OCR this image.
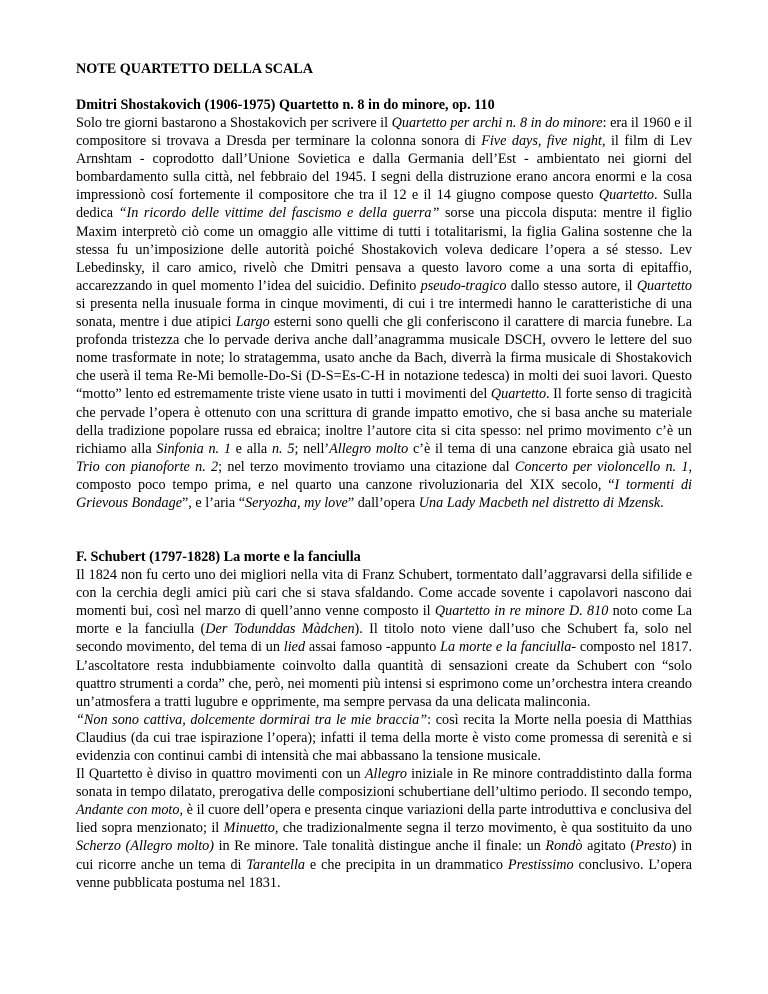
NOTE QUARTETTO DELLA SCALA

Dmitri Shostakovich (1906-1975) Quartetto n. 8 in do minore, op. 110

Solo tre giorni bastarono a Shostakovich per scrivere il Quartetto per archi n. 8 in do minore: era il 1960 e il compositore si trovava a Dresda per terminare la colonna sonora di Five days, five night, il film di Lev Arnshtam - coprodotto dall’Unione Sovietica e dalla Germania dell’Est - ambientato nei giorni del bombardamento sulla città, nel febbraio del 1945. I segni della distruzione erano ancora enormi e la cosa impressionò cosí fortemente il compositore che tra il 12 e il 14 giugno compose questo Quartetto. Sulla dedica “In ricordo delle vittime del fascismo e della guerra” sorse una piccola disputa: mentre il figlio Maxim interpretò ciò come un omaggio alle vittime di tutti i totalitarismi, la figlia Galina sostenne che la stessa fu un’imposizione delle autorità poiché Shostakovich voleva dedicare l’opera a sé stesso. Lev Lebedinsky, il caro amico, rivelò che Dmitri pensava a questo lavoro come a una sorta di epitaffio, accarezzando in quel momento l’idea del suicidio. Definito pseudo-tragico dallo stesso autore, il Quartetto si presenta nella inusuale forma in cinque movimenti, di cui i tre intermedi hanno le caratteristiche di una sonata, mentre i due atipici Largo esterni sono quelli che gli conferiscono il carattere di marcia funebre. La profonda tristezza che lo pervade deriva anche dall’anagramma musicale DSCH, ovvero le lettere del suo nome trasformate in note; lo stratagemma, usato anche da Bach, diverrà la firma musicale di Shostakovich che userà il tema Re-Mi bemolle-Do-Si (D-S=Es-C-H in notazione tedesca) in molti dei suoi lavori. Questo “motto” lento ed estremamente triste viene usato in tutti i movimenti del Quartetto. Il forte senso di tragicità che pervade l’opera è ottenuto con una scrittura di grande impatto emotivo, che si basa anche su materiale della tradizione popolare russa ed ebraica; inoltre l’autore cita si cita spesso: nel primo movimento c’è un richiamo alla Sinfonia n. 1 e alla n. 5; nell’Allegro molto c’è il tema di una canzone ebraica già usato nel Trio con pianoforte n. 2; nel terzo movimento troviamo una citazione dal Concerto per violoncello n. 1, composto poco tempo prima, e nel quarto una canzone rivoluzionaria del XIX secolo, “I tormenti di Grievous Bondage”, e l’aria “Seryozha, my love” dall’opera Una Lady Macbeth nel distretto di Mzensk.

F. Schubert (1797-1828) La morte e la fanciulla

Il 1824 non fu certo uno dei migliori nella vita di Franz Schubert, tormentato dall’aggravarsi della sifilide e con la cerchia degli amici più cari che si stava sfaldando. Come accade sovente i capolavori nascono dai momenti bui, così nel marzo di quell’anno venne composto il Quartetto in re minore D. 810 noto come La morte e la fanciulla (Der Todunddas Màdchen). Il titolo noto viene dall’uso che Schubert fa, solo nel secondo movimento, del tema di un lied assai famoso -appunto La morte e la fanciulla- composto nel 1817. L’ascoltatore resta indubbiamente coinvolto dalla quantità di sensazioni create da Schubert con “solo quattro strumenti a corda” che, però, nei momenti più intensi si esprimono come un’orchestra intera creando un’atmosfera a tratti lugubre e opprimente, ma sempre pervasa da una delicata malinconia.

“Non sono cattiva, dolcemente dormirai tra le mie braccia”: così recita la Morte nella poesia di Matthias Claudius (da cui trae ispirazione l’opera); infatti il tema della morte è visto come promessa di serenità e si evidenzia con continui cambi di intensità che mai abbassano la tensione musicale.

Il Quartetto è diviso in quattro movimenti con un Allegro iniziale in Re minore contraddistinto dalla forma sonata in tempo dilatato, prerogativa delle composizioni schubertiane dell’ultimo periodo. Il secondo tempo, Andante con moto, è il cuore dell’opera e presenta cinque variazioni della parte introduttiva e conclusiva del lied sopra menzionato; il Minuetto, che tradizionalmente segna il terzo movimento, è qua sostituito da uno Scherzo (Allegro molto) in Re minore. Tale tonalità distingue anche il finale: un Rondò agitato (Presto) in cui ricorre anche un tema di Tarantella e che precipita in un drammatico Prestissimo conclusivo. L’opera venne pubblicata postuma nel 1831.
